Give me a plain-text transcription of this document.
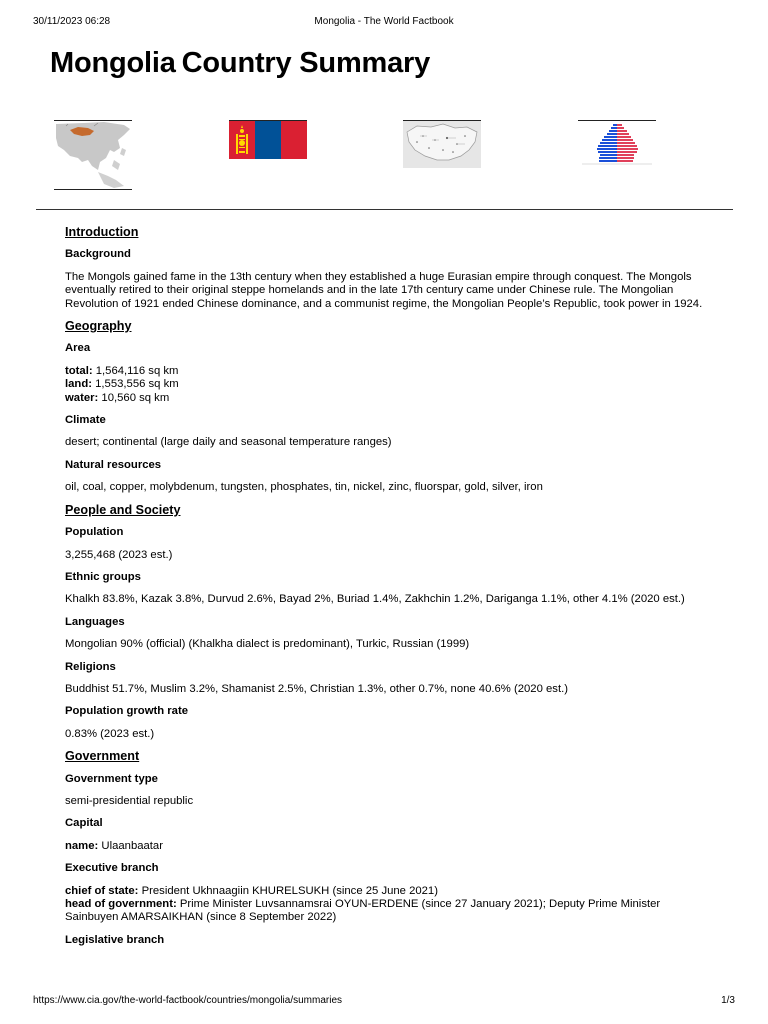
30/11/2023 06:28	Mongolia - The World Factbook
Mongolia Country Summary
Introduction
Background
The Mongols gained fame in the 13th century when they established a huge Eurasian empire through conquest. The Mongols eventually retired to their original steppe homelands and in the late 17th century came under Chinese rule. The Mongolian Revolution of 1921 ended Chinese dominance, and a communist regime, the Mongolian People’s Republic, took power in 1924.
Geography
Area
total: 1,564,116 sq km
land: 1,553,556 sq km
water: 10,560 sq km
Climate
desert; continental (large daily and seasonal temperature ranges)
Natural resources
oil, coal, copper, molybdenum, tungsten, phosphates, tin, nickel, zinc, fluorspar, gold, silver, iron
People and Society
Population
3,255,468 (2023 est.)
Ethnic groups
Khalkh 83.8%, Kazak 3.8%, Durvud 2.6%, Bayad 2%, Buriad 1.4%, Zakhchin 1.2%, Dariganga 1.1%, other 4.1% (2020 est.)
Languages
Mongolian 90% (official) (Khalkha dialect is predominant), Turkic, Russian (1999)
Religions
Buddhist 51.7%, Muslim 3.2%, Shamanist 2.5%, Christian 1.3%, other 0.7%, none 40.6% (2020 est.)
Population growth rate
0.83% (2023 est.)
Government
Government type
semi-presidential republic
Capital
name: Ulaanbaatar
Executive branch
chief of state: President Ukhnaagiin KHURELSUKH (since 25 June 2021)
head of government: Prime Minister Luvsannamsrai OYUN-ERDENE (since 27 January 2021); Deputy Prime Minister Sainbuyen AMARSAIKHAN (since 8 September 2022)
Legislative branch
https://www.cia.gov/the-world-factbook/countries/mongolia/summaries	1/3
